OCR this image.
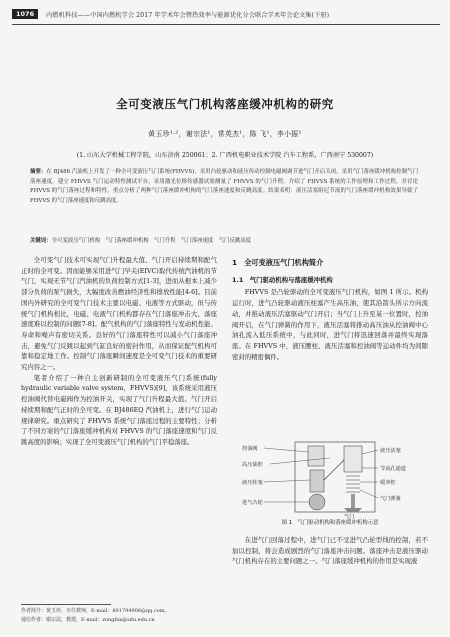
1076	内燃机科技——中国内燃机学会 2017 年学术年会暨热效率与能源优化分会联合学术年会论文集(下册)
全可变液压气门机构落座缓冲机构的研究
黄玉珍¹·²，谢宗法¹，常英杰¹，陈 飞¹，李小振¹
(1. 山东大学机械工程学院，山东济南 250061；2. 广西机电职业技术学院 汽车工程系，广西南宁 530007)
摘要：在 BJ486 汽油机上开发了一种全可变液压气门系统(FHVVS)，采用凸轮驱动和液压传动控制电磁阀调节进气门开启关闭，采用气门落座缓冲机构控制气门落座速度。建立 FHVVS 气门运动特性测试平台，采用激光位移传感器试验测量了 FHVVS 的气门升程。介绍了 FHVVS 系统的工作原理和工作过程，并讨论 FHVVS 的气门落座过程和特性，重点分析了两种气门落座缓冲机构的气门落座速度和反跳高度。结果表明：液压活塞阻尼节流的气门落座缓冲机构效果导致了 FHVVS 的气门落座速度和反跳高度。
关键词：全可变液压气门机构　气门落座缓冲机构　气门升程　气门落座速度　气门反跳高度

全可变气门技术可实现气门升程最大值、气门开启持续期和配气正时的全可变。因而能够采用进气门早关(EIVC)取代传统汽油机的节气门，实现无节气门汽油机的负荷控制方式[1-3]，进而从根本上减少部分负荷的泵气损失，大幅度改善燃油经济性和排放性能[4-6]。目前国内外研究的全可变气门技术主要以电磁、电液等方式驱动，但与传统气门机构相比，电磁、电液气门机构都存在气门落座冲击大、落座速度难以控制的问题[7-8]。配气机构的气门落座特性与发动机性能、寿命和噪声有密切关系。良好的气门落座特性可以减小气门落座冲击，避免气门反跳以起到气缸良好的密封作用，从而保证配气机构可靠和稳定地工作。控制气门落座瞬间速度是全可变气门技术的重要研究内容之一。

笔者介绍了一种自主创新研制的全可变液压气门系统(fully hydraulic variable valve system，FHVVS)[9]，该系统采用液压控油阀代替电磁阀作为控油开关，实现了气门升程最大值、气门开启持续期和配气正时的全可变。在 BJ486EQ 汽油机上，进行气门运动规律研究。重点研究了 FHVVS 系统气门落座过程的主要特性；分析了不同方案的气门落座缓冲机构对 FHVVS 的气门落座速度和气门反跳高度的影响；实现了全可变液压气门机构的气门平稳落座。

1　全可变液压气门机构简介
1.1　气门驱动机构与落座缓冲机构

FHVVS 是凸轮驱动的全可变液压气门机构，如图 1 所示。机构运行时，进气凸轮驱动液压柱塞产生高压油，使其沿箭头所示方向流动，并推动液压活塞驱动气门开启；当气门上升至某一位置时，控油阀开启，在气门弹簧的作用下，液压活塞将推动高压油从控油阀中心油孔流入低压系统中，与此同时，进气门将迅速回落并最终实现落座。在 FHVVS 中，液压腰柱、液压活塞和控油阀等运动件均为间隙密封的精密偶件。

控油阀
高压油腔
液压柱塞
进气凸轮
液压活塞
节流孔通道
缓冲腔
气门弹簧
气门
图 1　气门驱动机构和落座缓冲机构示意

在进气门回落过程中，进气门已不受进气凸轮型线的控制，若不加以控制，将会造成剧烈的气门落座冲击问题。落座冲击是液压驱动气门机构存在的主要问题之一。气门落座缓冲机构的作用是实现液

作者简介：黄玉珍，专任教师，E-mail：891794908@qq.com。
通信作者：谢宗法，教授，E-mail：zongfax@sdu.edu.cn
